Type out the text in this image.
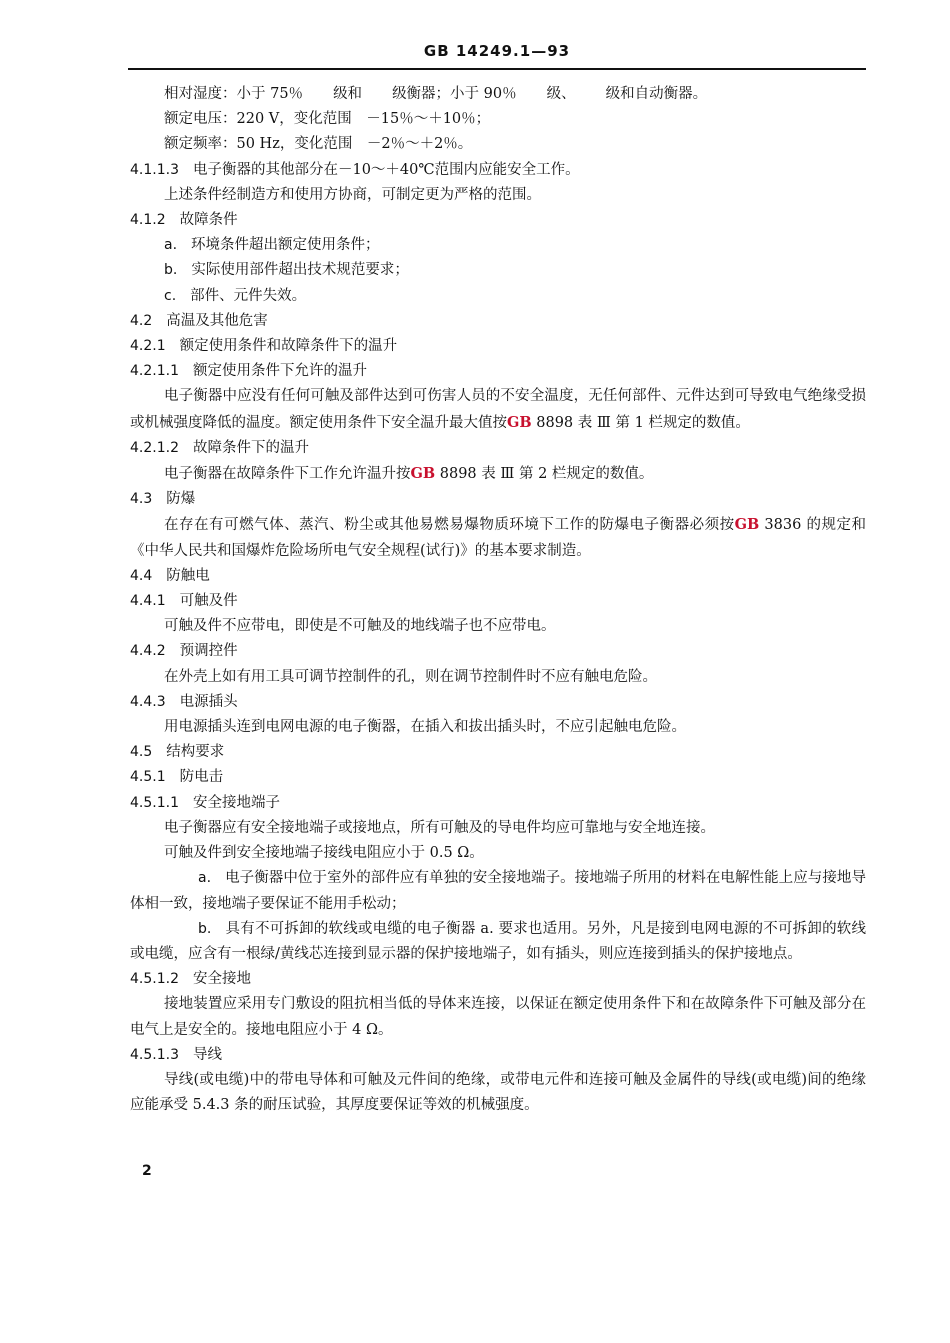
GB 14249.1—93

相对湿度：小于 75％ 级和 级衡器；小于 90％ 级、 级和自动衡器。

额定电压：220 V，变化范围　－15％～＋10％；

额定频率：50 Hz，变化范围　－2％～＋2％。

4.1.1.3 电子衡器的其他部分在－10～＋40℃范围内应能安全工作。

上述条件经制造方和使用方协商，可制定更为严格的范围。

4.1.2 故障条件

a. 环境条件超出额定使用条件；

b. 实际使用部件超出技术规范要求；

c. 部件、元件失效。

4.2 高温及其他危害

4.2.1 额定使用条件和故障条件下的温升

4.2.1.1 额定使用条件下允许的温升

电子衡器中应没有任何可触及部件达到可伤害人员的不安全温度，无任何部件、元件达到可导致电气绝缘受损或机械强度降低的温度。额定使用条件下安全温升最大值按GB 8898 表 Ⅲ 第 1 栏规定的数值。

4.2.1.2 故障条件下的温升

电子衡器在故障条件下工作允许温升按GB 8898 表 Ⅲ 第 2 栏规定的数值。

4.3 防爆

在存在有可燃气体、蒸汽、粉尘或其他易燃易爆物质环境下工作的防爆电子衡器必须按GB 3836 的规定和《中华人民共和国爆炸危险场所电气安全规程(试行)》的基本要求制造。

4.4 防触电

4.4.1 可触及件

可触及件不应带电，即使是不可触及的地线端子也不应带电。

4.4.2 预调控件

在外壳上如有用工具可调节控制件的孔，则在调节控制件时不应有触电危险。

4.4.3 电源插头

用电源插头连到电网电源的电子衡器，在插入和拔出插头时，不应引起触电危险。

4.5 结构要求

4.5.1 防电击

4.5.1.1 安全接地端子

电子衡器应有安全接地端子或接地点，所有可触及的导电件均应可靠地与安全地连接。

可触及件到安全接地端子接线电阻应小于 0.5 Ω。

a. 电子衡器中位于室外的部件应有单独的安全接地端子。接地端子所用的材料在电解性能上应与接地导体相一致，接地端子要保证不能用手松动；

b. 具有不可拆卸的软线或电缆的电子衡器 a. 要求也适用。另外，凡是接到电网电源的不可拆卸的软线或电缆，应含有一根绿/黄线芯连接到显示器的保护接地端子，如有插头，则应连接到插头的保护接地点。

4.5.1.2 安全接地

接地装置应采用专门敷设的阻抗相当低的导体来连接，以保证在额定使用条件下和在故障条件下可触及部分在电气上是安全的。接地电阻应小于 4 Ω。

4.5.1.3 导线

导线(或电缆)中的带电导体和可触及元件间的绝缘，或带电元件和连接可触及金属件的导线(或电缆)间的绝缘应能承受 5.4.3 条的耐压试验，其厚度要保证等效的机械强度。

2
